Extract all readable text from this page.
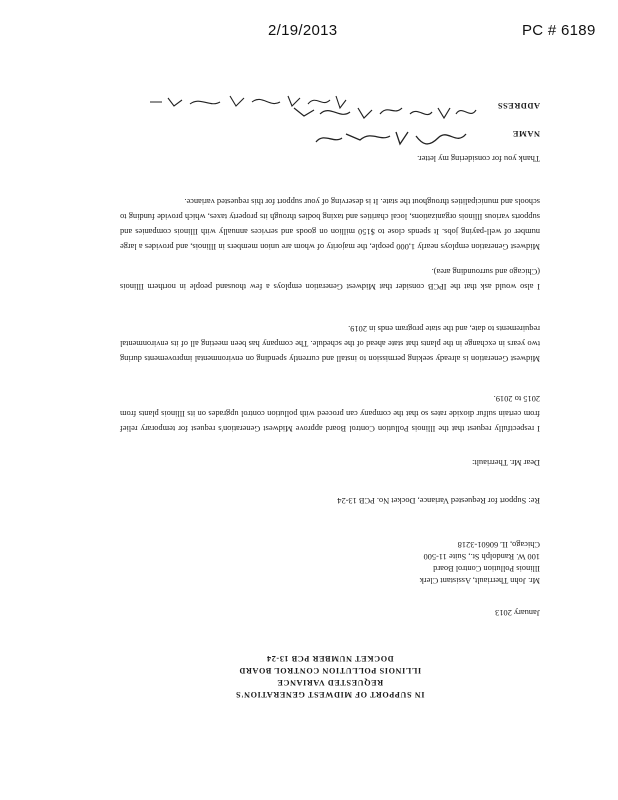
2/19/2013	PC # 6189
IN SUPPORT OF MIDWEST GENERATION'S
REQUESTED VARIANCE
ILLINOIS POLLUTION CONTROL BOARD
DOCKET NUMBER PCB 13-24
January 2013
Mr. John Therriault, Assistant Clerk
Illinois Pollution Control Board
100 W. Randolph St., Suite 11-500
Chicago, IL 60601-3218
Re: Support for Requested Variance, Docket No. PCB 13-24
Dear Mr. Therriault:
I respectfully request that the Illinois Pollution Control Board approve Midwest Generation's request for temporary relief from certain sulfur dioxide rates so that the company can proceed with pollution control upgrades on its Illinois plants from 2015 to 2019.
Midwest Generation is already seeking permission to install and currently spending on environmental improvements during two years in exchange in the plants that state ahead of the schedule. The company has been meeting all of its environmental requirements to date, and the state program ends in 2019.
I also would ask that the IPCB consider that Midwest Generation employs a few thousand people in northern Illinois (Chicago and surrounding area).
Midwest Generation employs nearly 1,000 people, the majority of whom are union members in Illinois, and provides a large number of well-paying jobs. It spends close to $150 million on goods and services annually with Illinois companies and supports various Illinois organizations, local charities and taxing bodies through its property taxes, which provide funding to schools and municipalities throughout the state. It is deserving of your support for this requested variance.
Thank you for considering my letter.
NAME
ADDRESS
